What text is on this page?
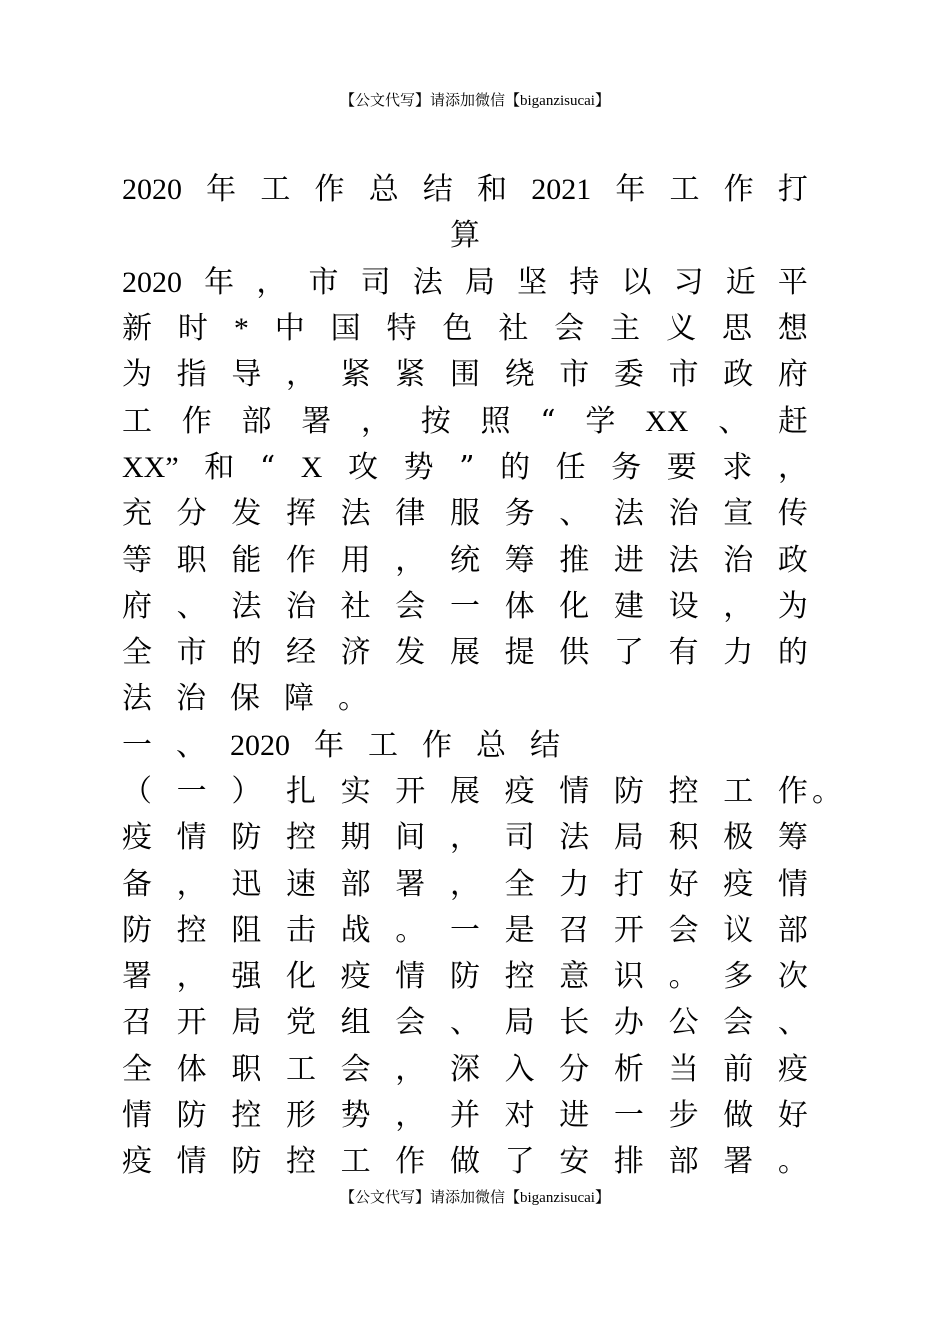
【公文代写】请添加微信【biganzisucai】
2020 年 工 作 总 结 和 2021 年 工 作 打
算
2020 年 ， 市 司 法 局 坚 持 以 习 近 平
新 时 * 中 国 特 色 社 会 主 义 思 想
为 指 导 ， 紧 紧 围 绕 市 委 市 政 府
工 作 部 署 ， 按 照 “ 学 XX 、 赶
XX” 和 “ X 攻 势 ” 的 任 务 要 求 ，
充 分 发 挥 法 律 服 务 、 法 治 宣 传
等 职 能 作 用 ， 统 筹 推 进 法 治 政
府 、 法 治 社 会 一 体 化 建 设 ， 为
全 市 的 经 济 发 展 提 供 了 有 力 的
法 治 保 障 。
一 、 2020 年 工 作 总 结
（ 一 ） 扎 实 开 展 疫 情 防 控 工 作 。
疫 情 防 控 期 间 ， 司 法 局 积 极 筹
备 ， 迅 速 部 署 ， 全 力 打 好 疫 情
防 控 阻 击 战 。 一 是 召 开 会 议 部
署 ， 强 化 疫 情 防 控 意 识 。 多 次
召 开 局 党 组 会 、 局 长 办 公 会 、
全 体 职 工 会 ， 深 入 分 析 当 前 疫
情 防 控 形 势 ， 并 对 进 一 步 做 好
疫 情 防 控 工 作 做 了 安 排 部 署 。
【公文代写】请添加微信【biganzisucai】
